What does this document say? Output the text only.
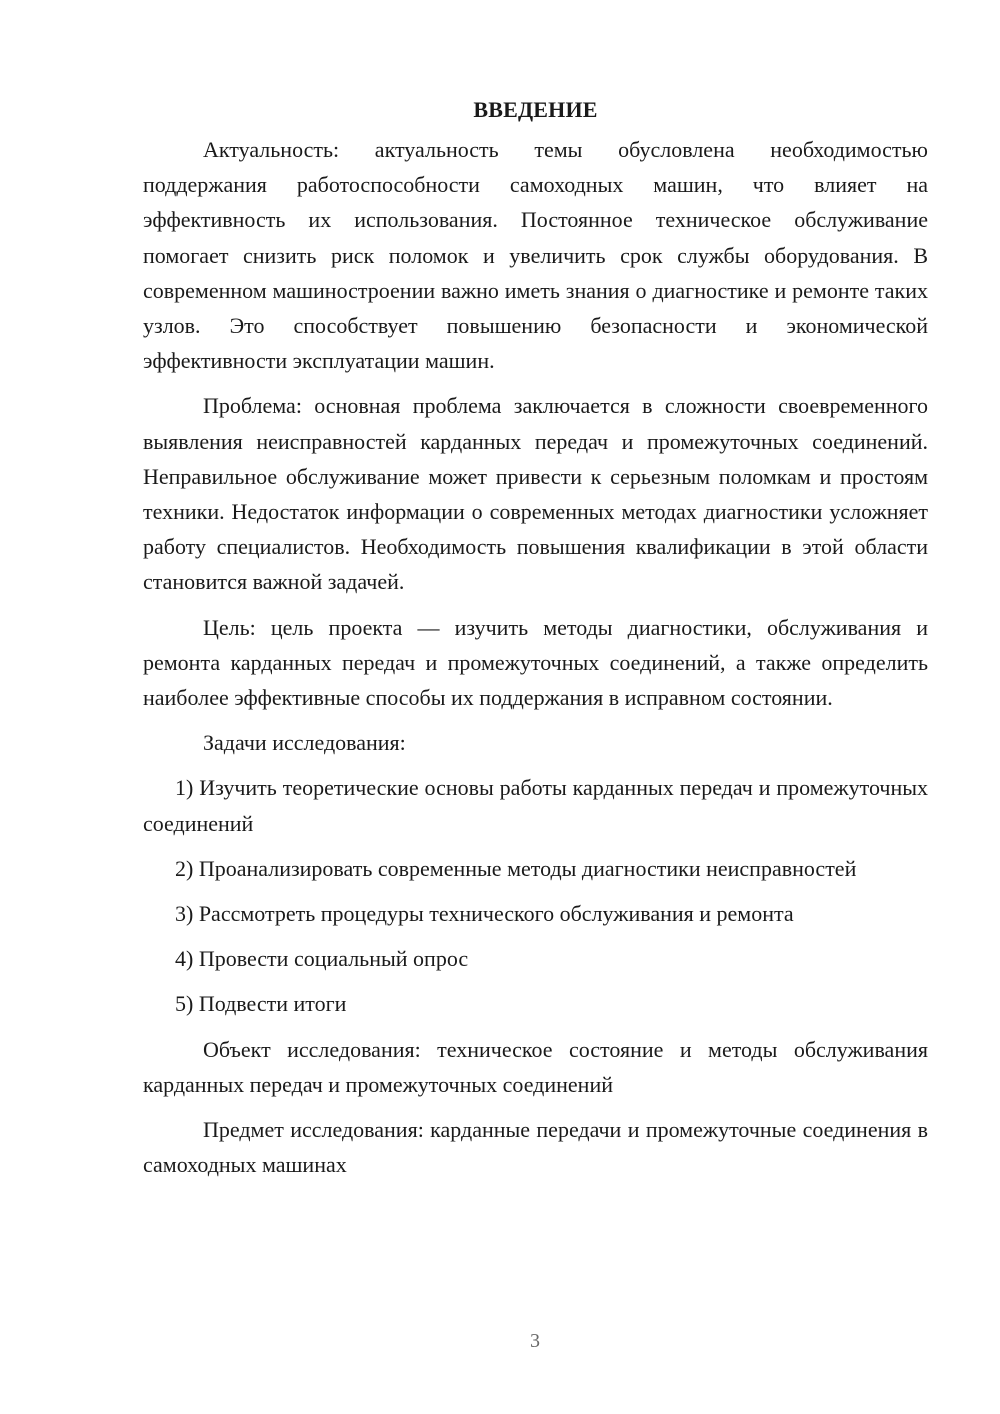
ВВЕДЕНИЕ

Актуальность: актуальность темы обусловлена необходимостью поддержания работоспособности самоходных машин, что влияет на эффективность их использования. Постоянное техническое обслуживание помогает снизить риск поломок и увеличить срок службы оборудования. В современном машиностроении важно иметь знания о диагностике и ремонте таких узлов. Это способствует повышению безопасности и экономической эффективности эксплуатации машин.

Проблема: основная проблема заключается в сложности своевременного выявления неисправностей карданных передач и промежуточных соединений. Неправильное обслуживание может привести к серьезным поломкам и простоям техники. Недостаток информации о современных методах диагностики усложняет работу специалистов. Необходимость повышения квалификации в этой области становится важной задачей.

Цель: цель проекта — изучить методы диагностики, обслуживания и ремонта карданных передач и промежуточных соединений, а также определить наиболее эффективные способы их поддержания в исправном состоянии.

Задачи исследования:

1) Изучить теоретические основы работы карданных передач и промежуточных соединений

2) Проанализировать современные методы диагностики неисправностей

3) Рассмотреть процедуры технического обслуживания и ремонта

4) Провести социальный опрос

5) Подвести итоги

Объект исследования: техническое состояние и методы обслуживания карданных передач и промежуточных соединений

Предмет исследования: карданные передачи и промежуточные соединения в самоходных машинах

3
